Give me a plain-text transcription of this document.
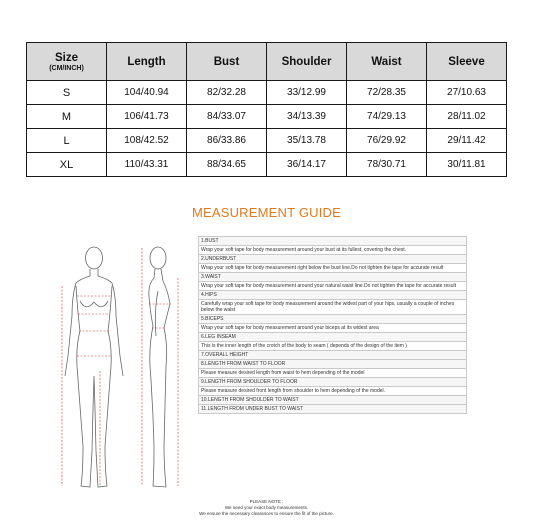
Size
(CM/INCH)	Length	Bust	Shoulder	Waist	Sleeve
S	104/40.94	82/32.28	33/12.99	72/28.35	27/10.63
M	106/41.73	84/33.07	34/13.39	74/29.13	28/11.02
L	108/42.52	86/33.86	35/13.78	76/29.92	29/11.42
XL	110/43.31	88/34.65	36/14.17	78/30.71	30/11.81
MEASUREMENT GUIDE
1.BUST
Wrap your soft tape for body measurement around your bust at its fullest, covering the chest.
2.UNDERBUST
Wrap your soft tape for body measurement right below the bust line.Do not tighten the tape for accurate result
3.WAIST
Wrap your soft tape for body measurement around your natural waist line.Do not tighten the tape for accurate result
4.HIPS
Carefully wrap your soft tape for body measurement around the widest part of your hips, usually a couple of inches below the waist
5.BICEPS
Wrap your soft tape for body measurement around your biceps at its widest area
6.LEG INSEAM
This is the inner length of the crotch of the body to seam ( depends of the design of the item )
7.OVERALL HEIGHT
8.LENGTH FROM WAIST TO FLOOR
Please measure desired length from waist to hem depending of the model
9.LENGTH FROM SHOULDER TO FLOOR
Please measure desired front length from shoulder to hem depending of the model.
10.LENGTH FROM SHOULDER TO WAIST
11.LENGTH FROM UNDER BUST TO WAIST
PLEASE NOTE :
We need your exact body measurements.
We ensure the necessary clearances to ensure the fit of the picture.
